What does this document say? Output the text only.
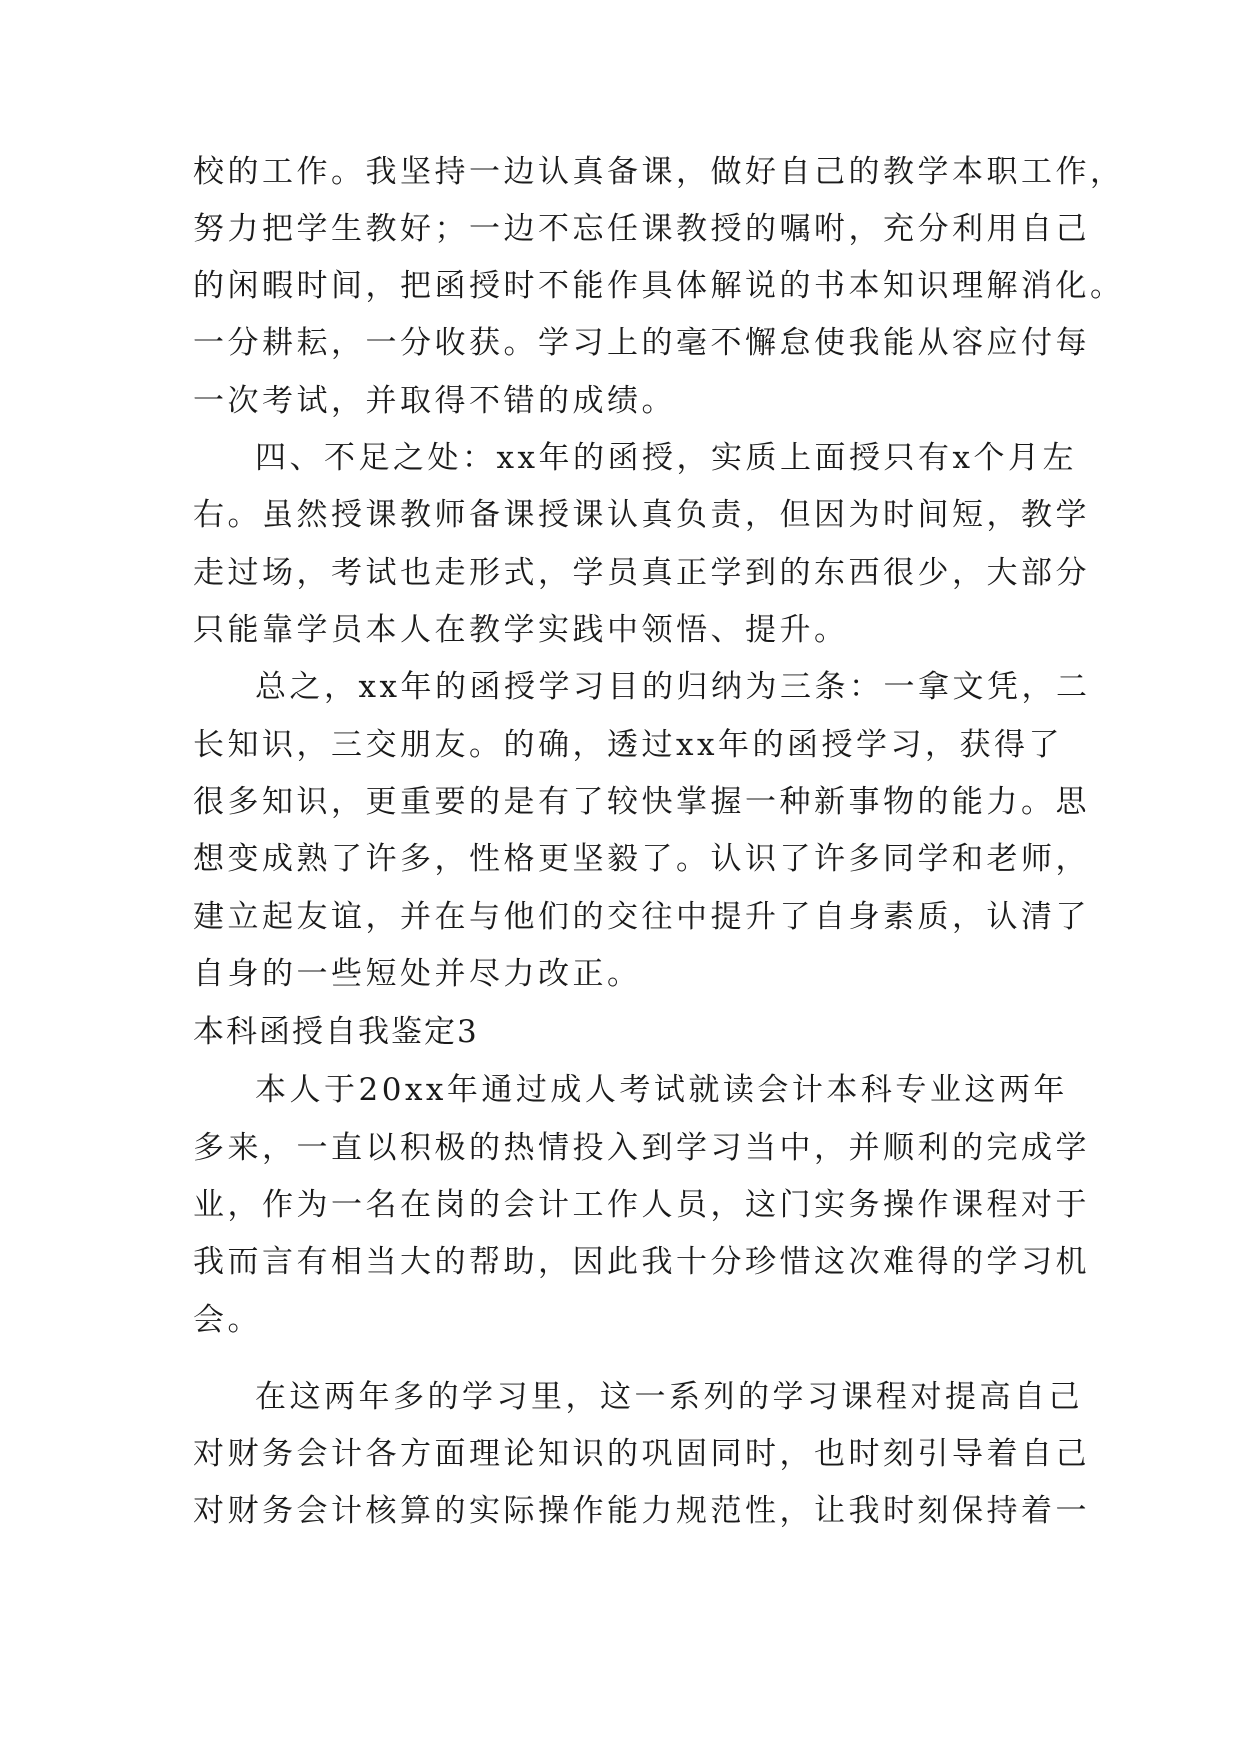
校的工作。我坚持一边认真备课，做好自己的教学本职工作，
努力把学生教好；一边不忘任课教授的嘱咐，充分利用自己
的闲暇时间，把函授时不能作具体解说的书本知识理解消化。
一分耕耘，一分收获。学习上的毫不懈怠使我能从容应付每
一次考试，并取得不错的成绩。
四、不足之处：xx年的函授，实质上面授只有x个月左
右。虽然授课教师备课授课认真负责，但因为时间短，教学
走过场，考试也走形式，学员真正学到的东西很少，大部分
只能靠学员本人在教学实践中领悟、提升。
总之，xx年的函授学习目的归纳为三条：一拿文凭，二
长知识，三交朋友。的确，透过xx年的函授学习，获得了
很多知识，更重要的是有了较快掌握一种新事物的能力。思
想变成熟了许多，性格更坚毅了。认识了许多同学和老师，
建立起友谊，并在与他们的交往中提升了自身素质，认清了
自身的一些短处并尽力改正。
本科函授自我鉴定3
本人于20xx年通过成人考试就读会计本科专业这两年
多来，一直以积极的热情投入到学习当中，并顺利的完成学
业，作为一名在岗的会计工作人员，这门实务操作课程对于
我而言有相当大的帮助，因此我十分珍惜这次难得的学习机
会。
在这两年多的学习里，这一系列的学习课程对提高自己
对财务会计各方面理论知识的巩固同时，也时刻引导着自己
对财务会计核算的实际操作能力规范性，让我时刻保持着一
